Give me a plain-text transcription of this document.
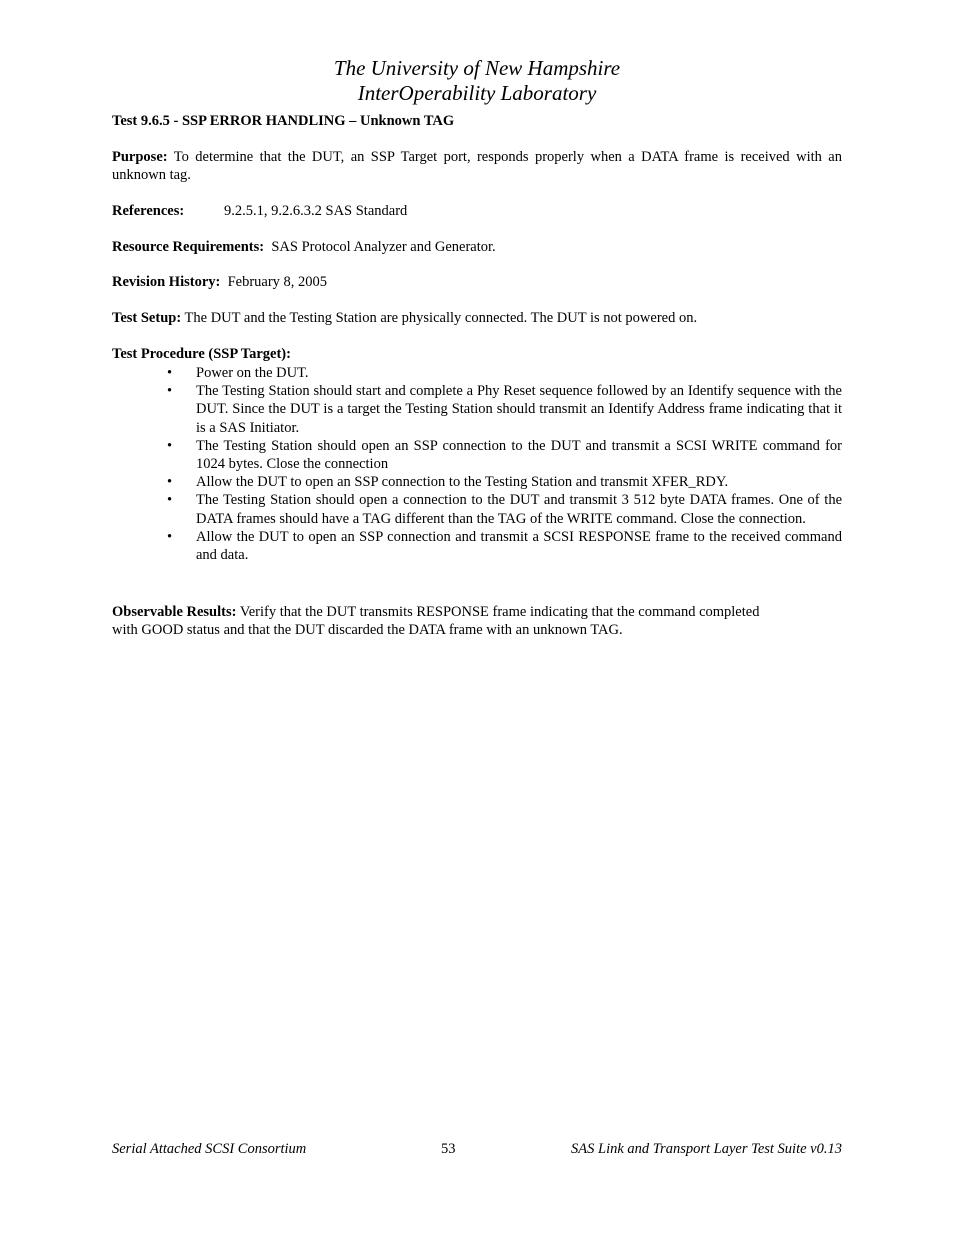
The University of New Hampshire
InterOperability Laboratory
Test 9.6.5 - SSP ERROR HANDLING – Unknown TAG
Purpose: To determine that the DUT, an SSP Target port, responds properly when a DATA frame is received with an unknown tag.
References:	9.2.5.1, 9.2.6.3.2 SAS Standard
Resource Requirements: SAS Protocol Analyzer and Generator.
Revision History: February 8, 2005
Test Setup: The DUT and the Testing Station are physically connected. The DUT is not powered on.
Test Procedure (SSP Target):
• Power on the DUT.
• The Testing Station should start and complete a Phy Reset sequence followed by an Identify sequence with the DUT. Since the DUT is a target the Testing Station should transmit an Identify Address frame indicating that it is a SAS Initiator.
• The Testing Station should open an SSP connection to the DUT and transmit a SCSI WRITE command for 1024 bytes. Close the connection
• Allow the DUT to open an SSP connection to the Testing Station and transmit XFER_RDY.
• The Testing Station should open a connection to the DUT and transmit 3 512 byte DATA frames. One of the DATA frames should have a TAG different than the TAG of the WRITE command. Close the connection.
• Allow the DUT to open an SSP connection and transmit a SCSI RESPONSE frame to the received command and data.
Observable Results: Verify that the DUT transmits RESPONSE frame indicating that the command completed
with GOOD status and that the DUT discarded the DATA frame with an unknown TAG.
Serial Attached SCSI Consortium	53	SAS Link and Transport Layer Test Suite v0.13
